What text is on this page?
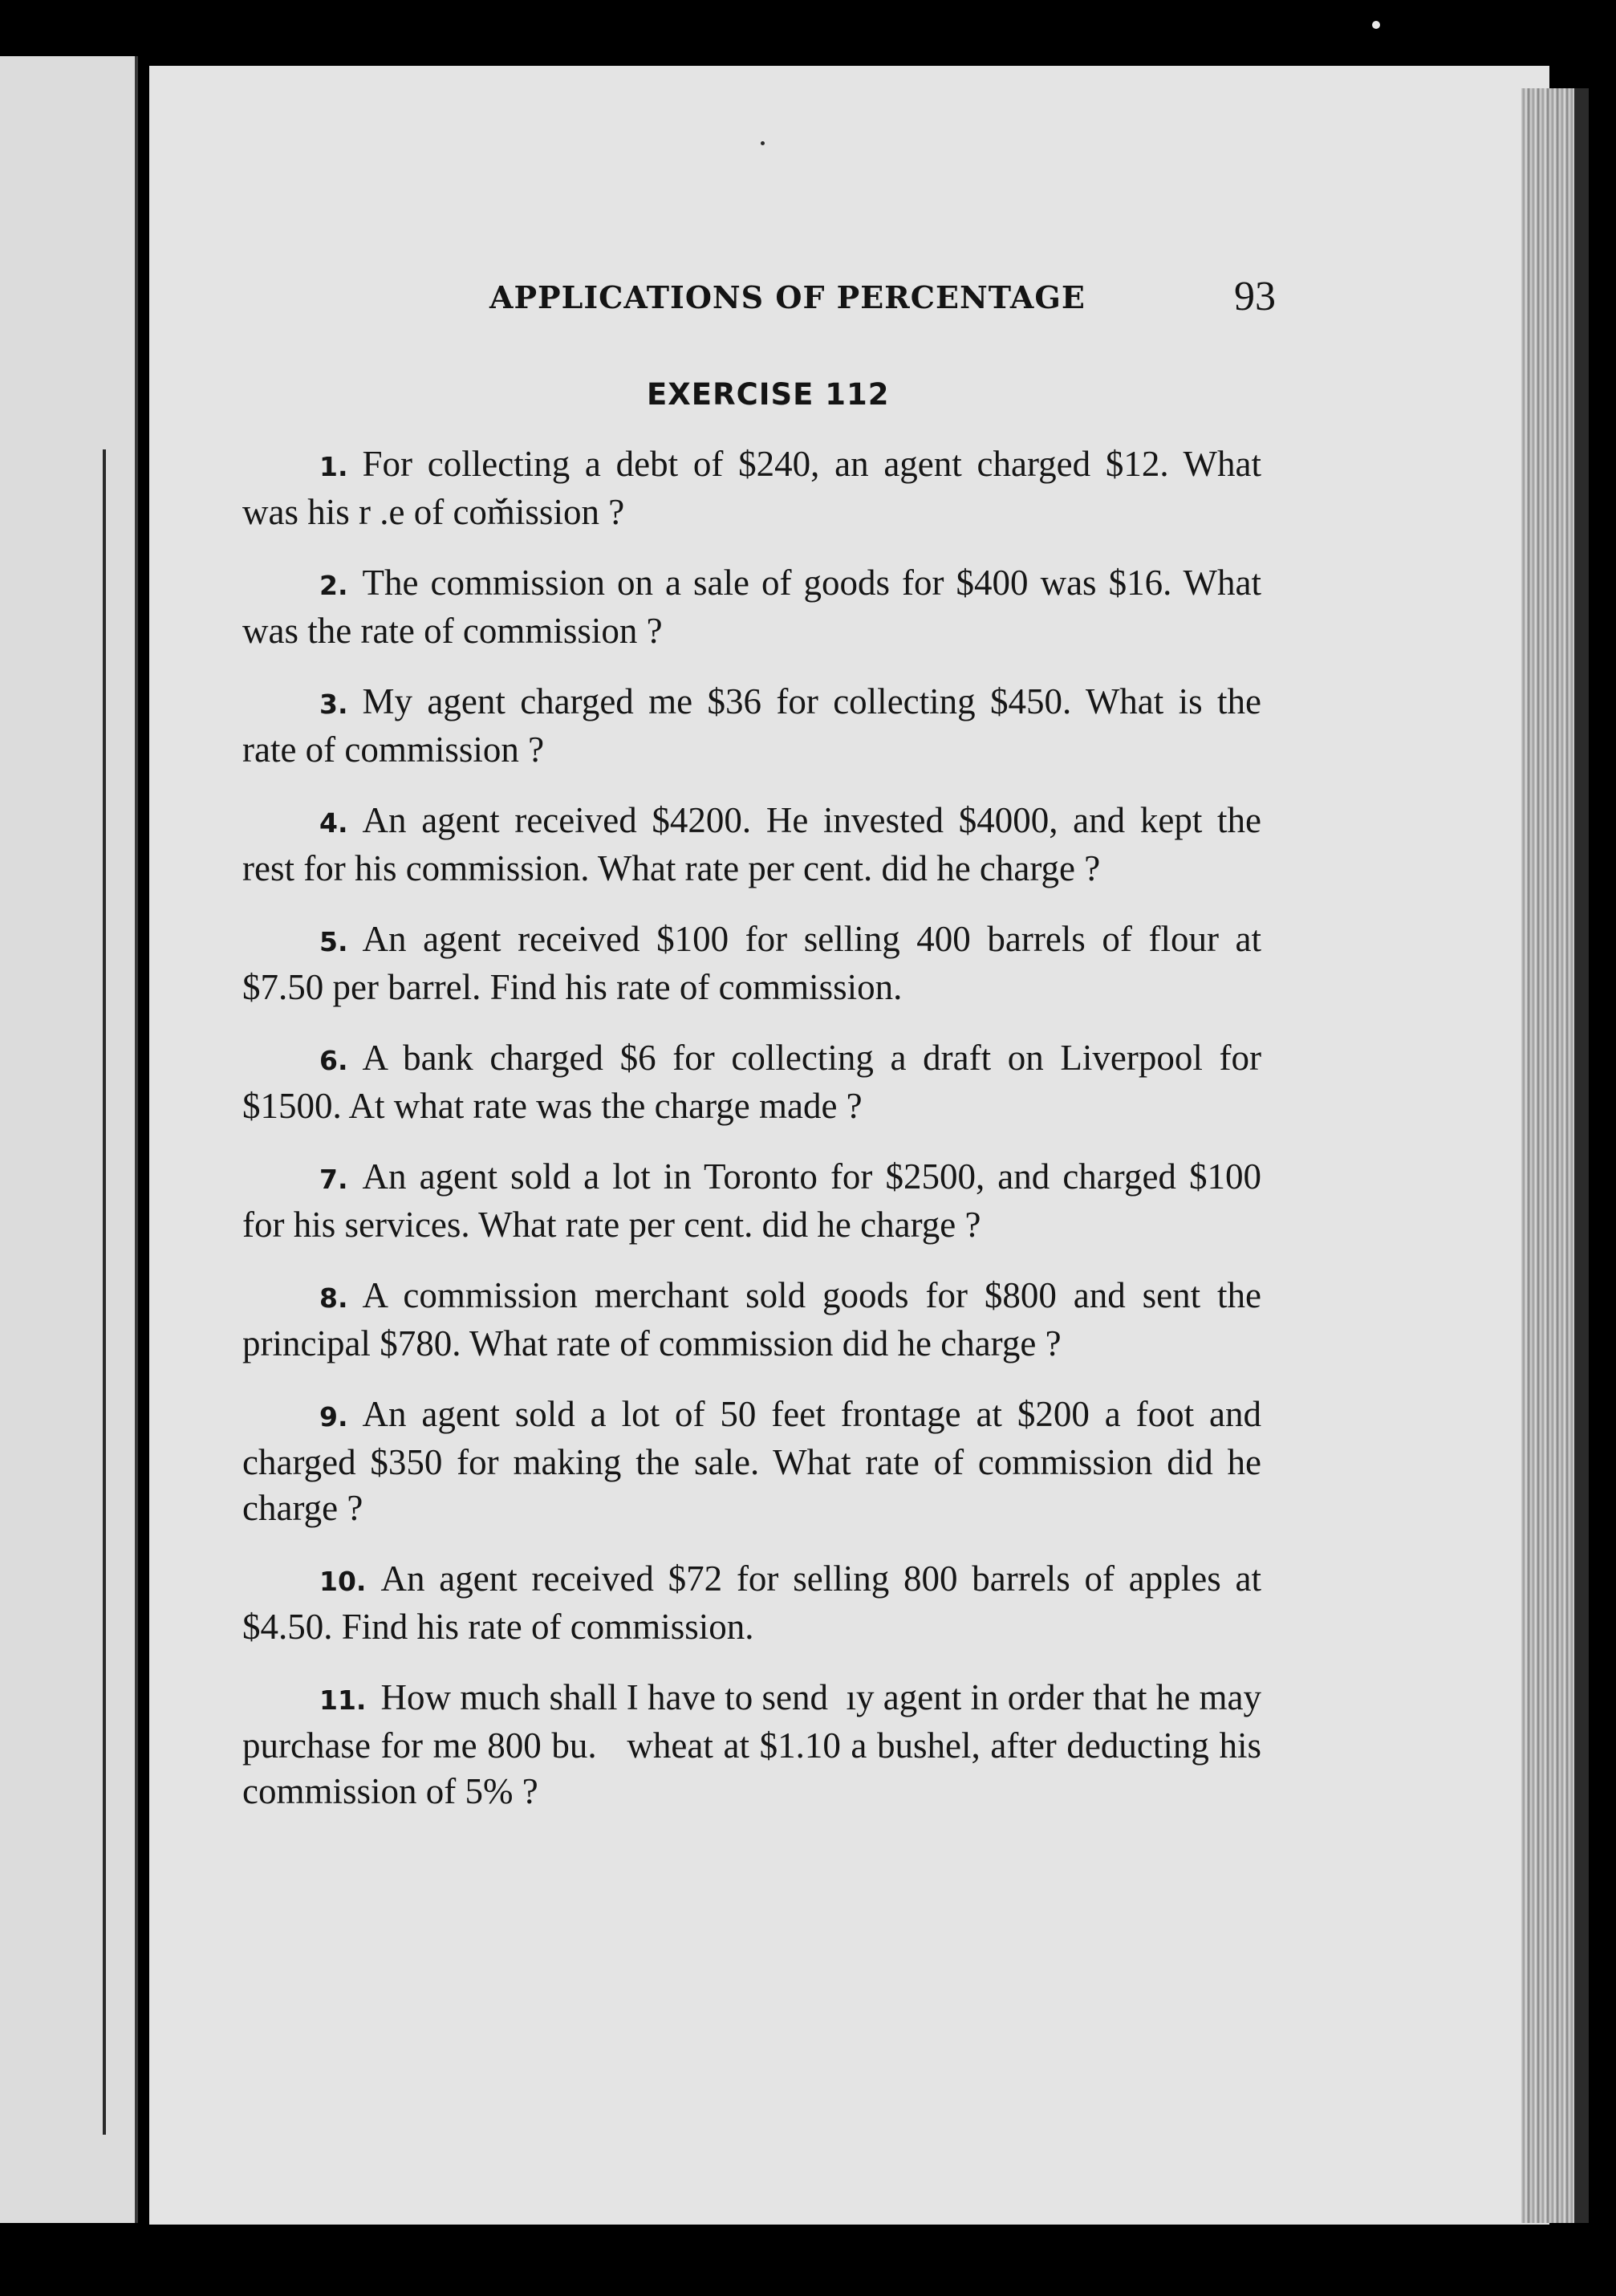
APPLICATIONS OF PERCENTAGE	93
EXERCISE 112

1. For collecting a debt of $240, an agent charged $12. What was his r .e of com̆́ission ?

2. The commission on a sale of goods for $400 was $16. What was the rate of commission ?

3. My agent charged me $36 for collecting $450. What is the rate of commission ?

4. An agent received $4200. He invested $4000, and kept the rest for his commission. What rate per cent. did he charge ?

5. An agent received $100 for selling 400 barrels of flour at $7.50 per barrel. Find his rate of commission.

6. A bank charged $6 for collecting a draft on Liverpool for $1500. At what rate was the charge made ?

7. An agent sold a lot in Toronto for $2500, and charged $100 for his services. What rate per cent. did he charge ?

8. A commission merchant sold goods for $800 and sent the principal $780. What rate of commission did he charge ?

9. An agent sold a lot of 50 feet frontage at $200 a foot and charged $350 for making the sale. What rate of commission did he charge ?

10. An agent received $72 for selling 800 barrels of apples at $4.50. Find his rate of commission.

11. How much shall I have to send  ıy agent in order that he may purchase for me 800 bu.   wheat at $1.10 a bushel, after deducting his commission of 5% ?
